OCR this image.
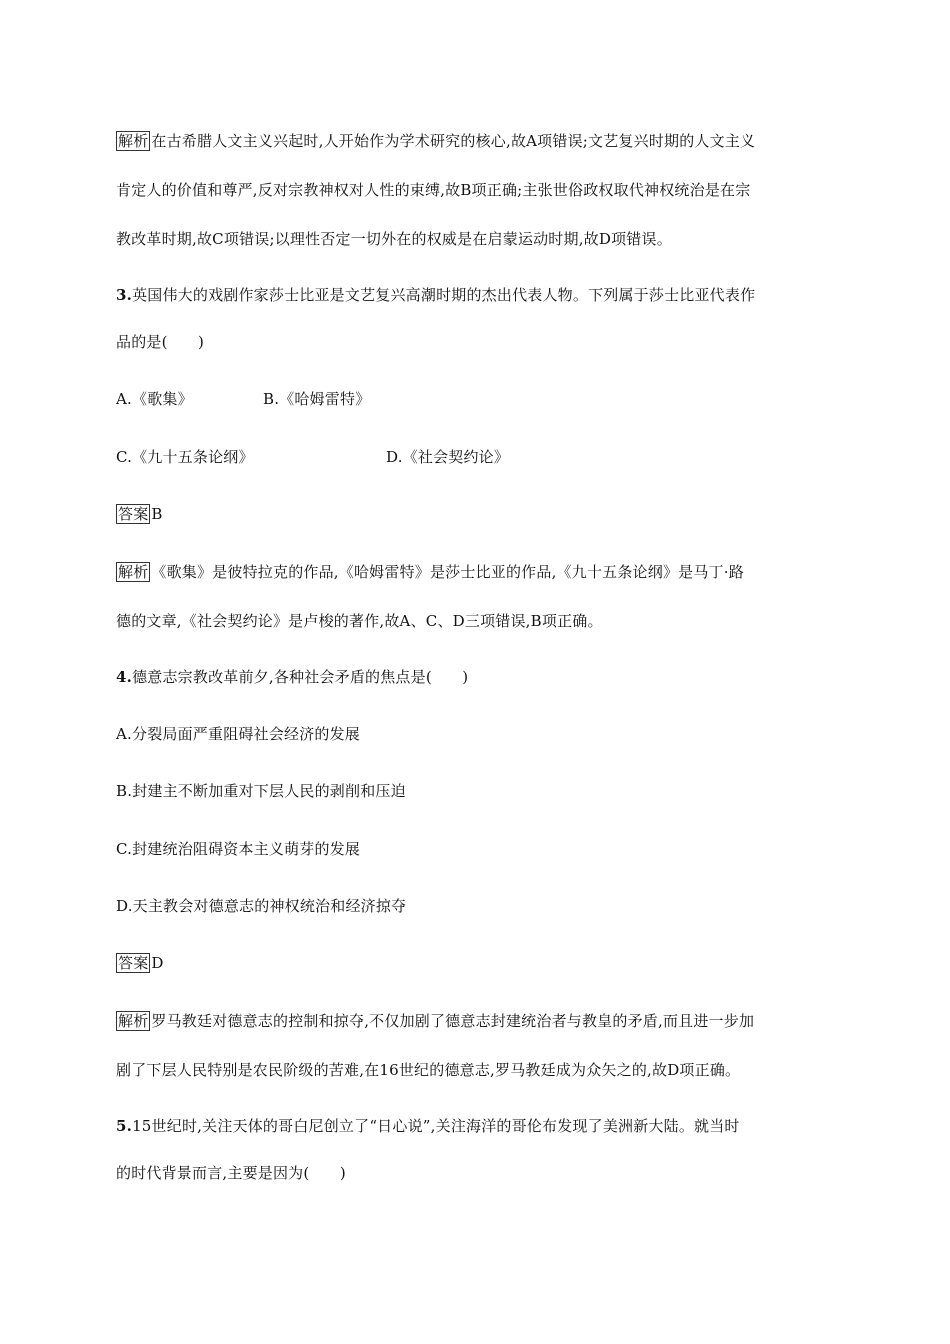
解析 在古希腊人文主义兴起时,人开始作为学术研究的核心,故A项错误;文艺复兴时期的人文主义
肯定人的价值和尊严,反对宗教神权对人性的束缚,故B项正确;主张世俗政权取代神权统治是在宗
教改革时期,故C项错误;以理性否定一切外在的权威是在启蒙运动时期,故D项错误。
3.英国伟大的戏剧作家莎士比亚是文艺复兴高潮时期的杰出代表人物。下列属于莎士比亚代表作
品的是(　　)
A.《歌集》	B.《哈姆雷特》
C.《九十五条论纲》	D.《社会契约论》
答案 B
解析 《歌集》是彼特拉克的作品,《哈姆雷特》是莎士比亚的作品,《九十五条论纲》是马丁·路
德的文章,《社会契约论》是卢梭的著作,故A、C、D三项错误,B项正确。
4.德意志宗教改革前夕,各种社会矛盾的焦点是(　　)
A.分裂局面严重阻碍社会经济的发展
B.封建主不断加重对下层人民的剥削和压迫
C.封建统治阻碍资本主义萌芽的发展
D.天主教会对德意志的神权统治和经济掠夺
答案 D
解析 罗马教廷对德意志的控制和掠夺,不仅加剧了德意志封建统治者与教皇的矛盾,而且进一步加
剧了下层人民特别是农民阶级的苦难,在16世纪的德意志,罗马教廷成为众矢之的,故D项正确。
5.15世纪时,关注天体的哥白尼创立了“日心说”,关注海洋的哥伦布发现了美洲新大陆。就当时
的时代背景而言,主要是因为(　　)
